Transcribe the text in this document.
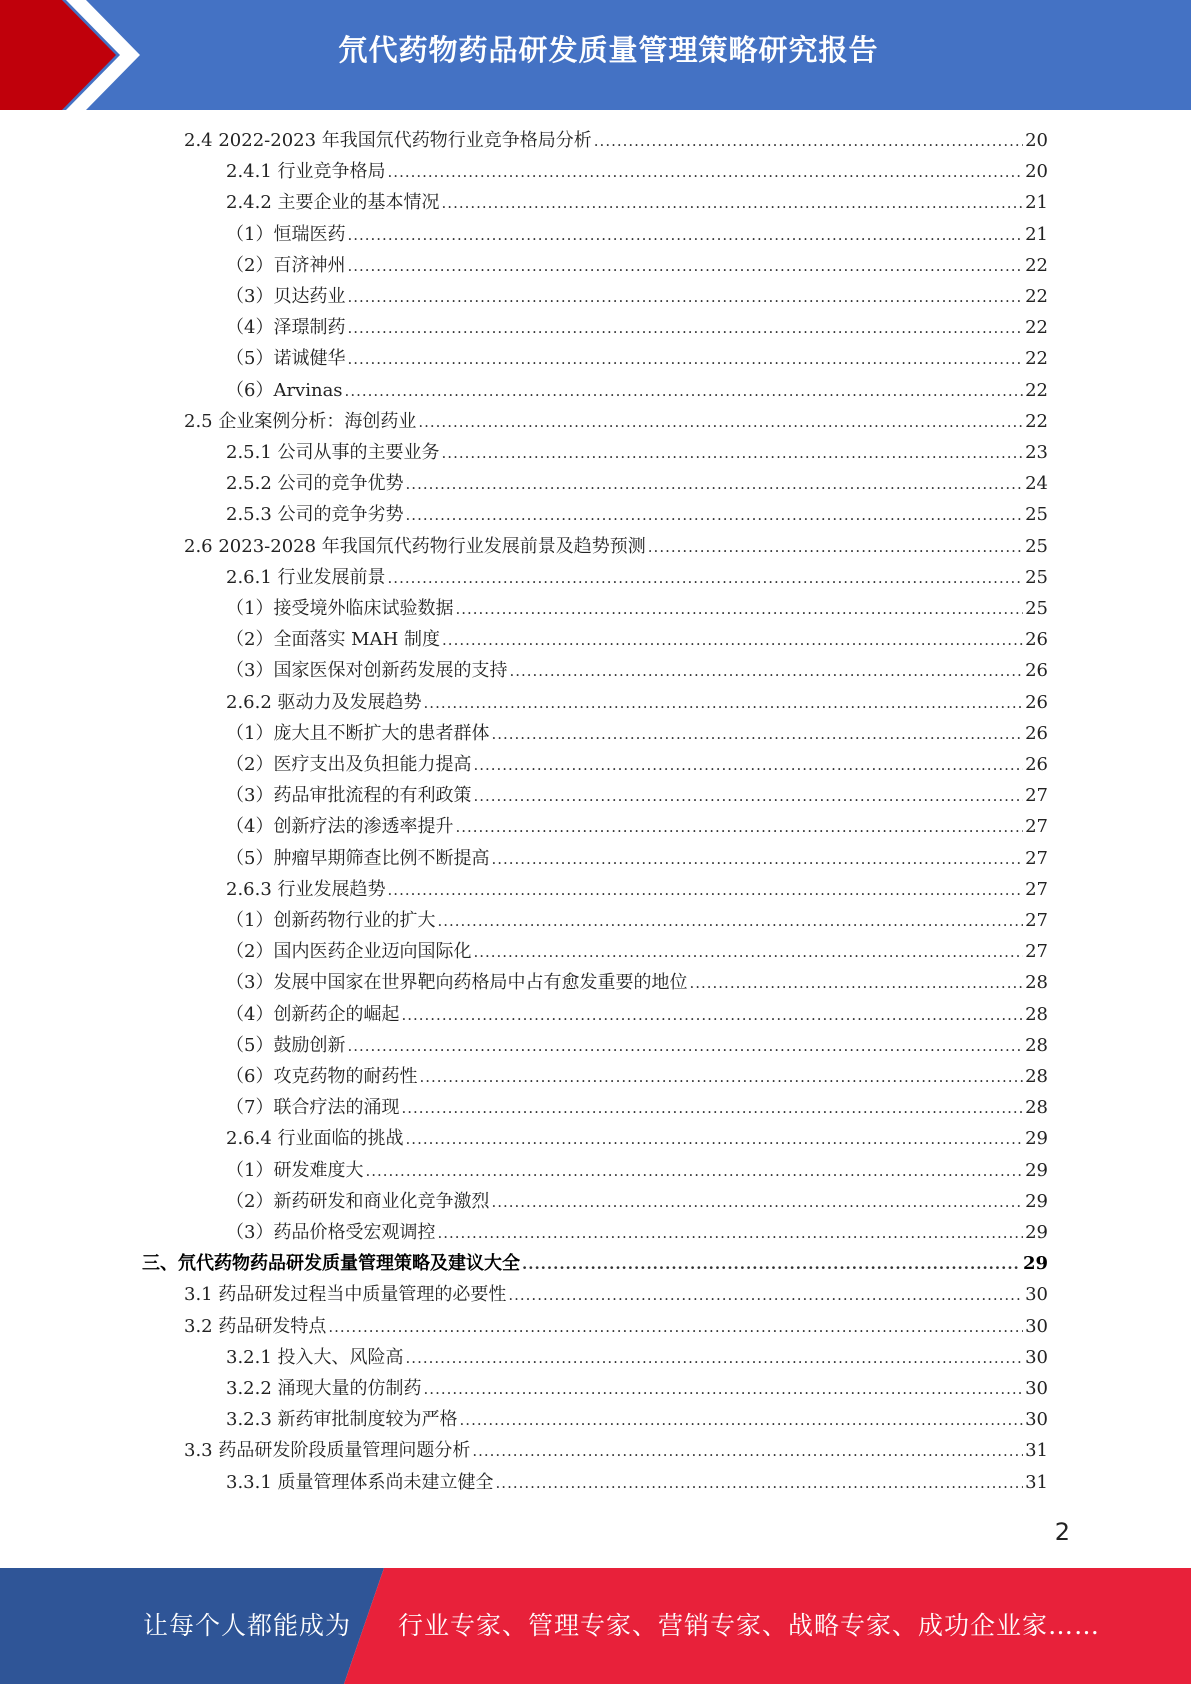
氘代药物药品研发质量管理策略研究报告
2.4 2022-2023 年我国氘代药物行业竞争格局分析 .....	20
2.4.1 行业竞争格局 .....	20
2.4.2 主要企业的基本情况 .....	21
（1）恒瑞医药 .....	21
（2）百济神州 .....	22
（3）贝达药业 .....	22
（4）泽璟制药 .....	22
（5）诺诚健华 .....	22
（6）Arvinas .....	22
2.5 企业案例分析：海创药业 .....	22
2.5.1 公司从事的主要业务 .....	23
2.5.2 公司的竞争优势 .....	24
2.5.3 公司的竞争劣势 .....	25
2.6 2023-2028 年我国氘代药物行业发展前景及趋势预测 .....	25
2.6.1 行业发展前景 .....	25
（1）接受境外临床试验数据 .....	25
（2）全面落实 MAH 制度 .....	26
（3）国家医保对创新药发展的支持 .....	26
2.6.2 驱动力及发展趋势 .....	26
（1）庞大且不断扩大的患者群体 .....	26
（2）医疗支出及负担能力提高 .....	26
（3）药品审批流程的有利政策 .....	27
（4）创新疗法的渗透率提升 .....	27
（5）肿瘤早期筛查比例不断提高 .....	27
2.6.3 行业发展趋势 .....	27
（1）创新药物行业的扩大 .....	27
（2）国内医药企业迈向国际化 .....	27
（3）发展中国家在世界靶向药格局中占有愈发重要的地位 .....	28
（4）创新药企的崛起 .....	28
（5）鼓励创新 .....	28
（6）攻克药物的耐药性 .....	28
（7）联合疗法的涌现 .....	28
2.6.4 行业面临的挑战 .....	29
（1）研发难度大 .....	29
（2）新药研发和商业化竞争激烈 .....	29
（3）药品价格受宏观调控 .....	29
三、氘代药物药品研发质量管理策略及建议大全 .....	29
3.1 药品研发过程当中质量管理的必要性 .....	30
3.2 药品研发特点 .....	30
3.2.1 投入大、风险高 .....	30
3.2.2 涌现大量的仿制药 .....	30
3.2.3 新药审批制度较为严格 .....	30
3.3 药品研发阶段质量管理问题分析 .....	31
3.3.1 质量管理体系尚未建立健全 .....	31
2
让每个人都能成为 行业专家、管理专家、营销专家、战略专家、成功企业家……
